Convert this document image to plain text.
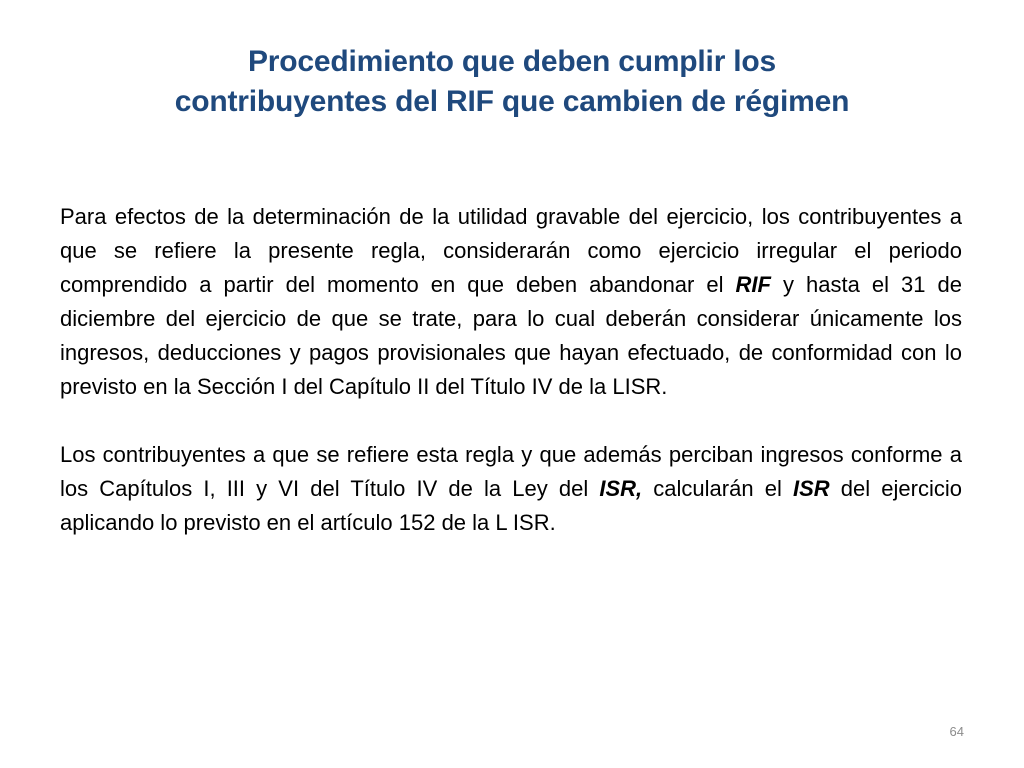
Procedimiento que deben cumplir los
contribuyentes del RIF que cambien de régimen

Para efectos de la determinación de la utilidad gravable del ejercicio, los contribuyentes a que se refiere la presente regla, considerarán como ejercicio irregular el periodo comprendido a partir del momento en que deben abandonar el RIF y hasta el 31 de diciembre del ejercicio de que se trate, para lo cual deberán considerar únicamente los ingresos, deducciones y pagos provisionales que hayan efectuado, de conformidad con lo previsto en la Sección I del Capítulo II del Título IV de la LISR.

Los contribuyentes a que se refiere esta regla y que además perciban ingresos conforme a los Capítulos I, III y VI del Título IV de la Ley del ISR, calcularán el ISR del ejercicio aplicando lo previsto en el artículo 152 de la L ISR.

64
